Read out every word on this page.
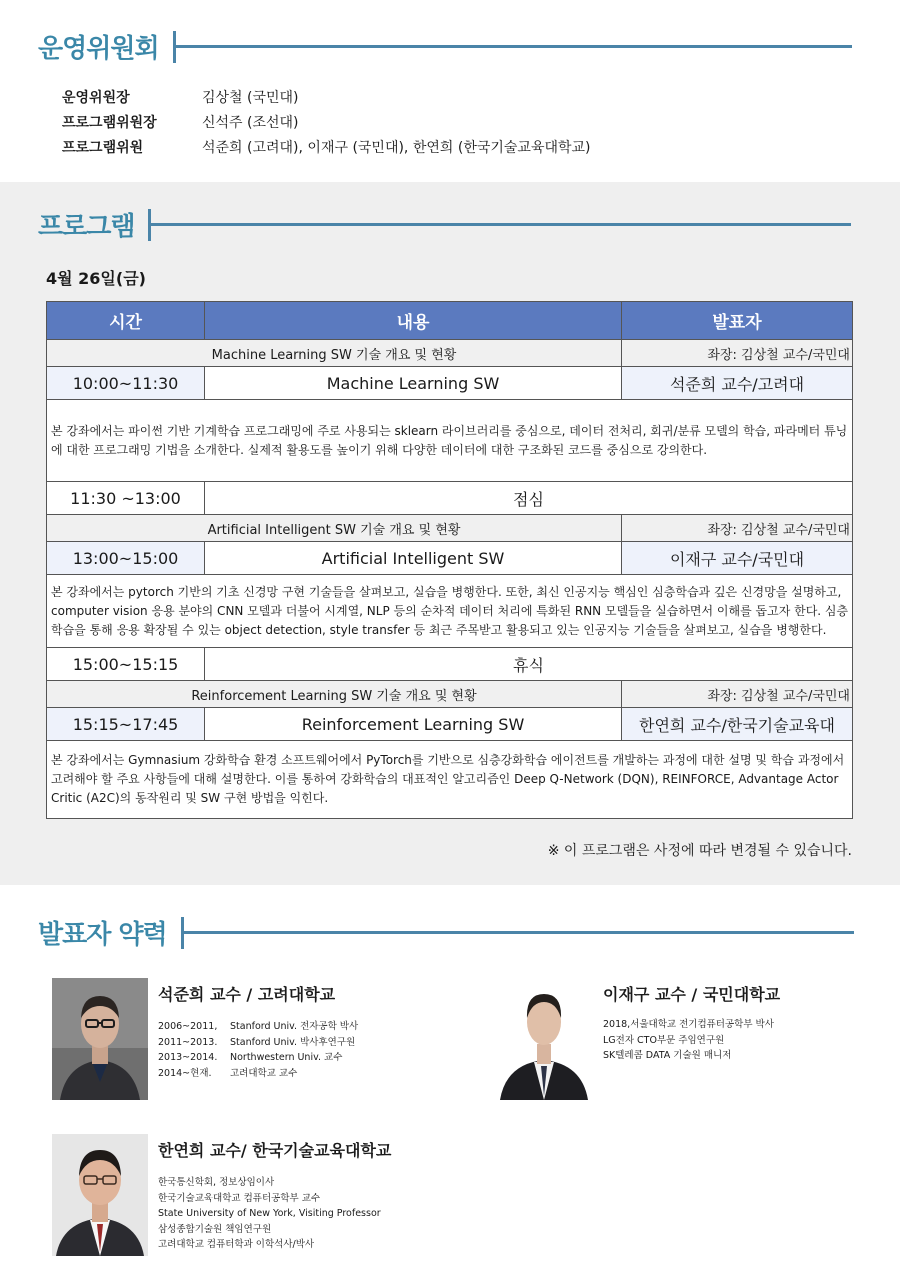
운영위원회
운영위원장	김상철 (국민대)
프로그램위원장	신석주 (조선대)
프로그램위원	석준희 (고려대), 이재구 (국민대), 한연희 (한국기술교육대학교)
프로그램
4월 26일(금)
시간	내용	발표자
Machine Learning SW 기술 개요 및 현황		좌장: 김상철 교수/국민대
10:00~11:30	Machine Learning SW	석준희 교수/고려대
본 강좌에서는 파이썬 기반 기계학습 프로그래밍에 주로 사용되는 sklearn 라이브러리를 중심으로, 데이터 전처리, 회귀/분류 모델의 학습, 파라메터 튜닝에 대한 프로그래밍 기법을 소개한다. 실제적 활용도를 높이기 위해 다양한 데이터에 대한 구조화된 코드를 중심으로 강의한다.		
11:30 ~13:00	점심	
Artificial Intelligent SW 기술 개요 및 현황		좌장: 김상철 교수/국민대
13:00~15:00	Artificial Intelligent SW	이재구 교수/국민대
본 강좌에서는 pytorch 기반의 기초 신경망 구현 기술들을 살펴보고, 실습을 병행한다. 또한, 최신 인공지능 핵심인 심층학습과 깊은 신경망을 설명하고, computer vision 응용 분야의 CNN 모델과 더불어 시계열, NLP 등의 순차적 데이터 처리에 특화된 RNN 모델들을 실습하면서 이해를 돕고자 한다. 심층학습을 통해 응용 확장될 수 있는 object detection, style transfer 등 최근 주목받고 활용되고 있는 인공지능 기술들을 살펴보고, 실습을 병행한다.		
15:00~15:15	휴식	
Reinforcement Learning SW 기술 개요 및 현황		좌장: 김상철 교수/국민대
15:15~17:45	Reinforcement Learning SW	한연희 교수/한국기술교육대
본 강좌에서는 Gymnasium 강화학습 환경 소프트웨어에서 PyTorch를 기반으로 심층강화학습 에이전트를 개발하는 과정에 대한 설명 및 학습 과정에서 고려해야 할 주요 사항들에 대해 설명한다. 이를 통하여 강화학습의 대표적인 알고리즘인 Deep Q-Network (DQN), REINFORCE, Advantage Actor Critic (A2C)의 동작원리 및 SW 구현 방법을 익힌다.		
※ 이 프로그램은 사정에 따라 변경될 수 있습니다.
발표자 약력
석준희 교수 / 고려대학교
2006~2011,	Stanford Univ. 전자공학 박사
2011~2013.	Stanford Univ. 박사후연구원
2013~2014.	Northwestern Univ. 교수
2014~현재.	고려대학교 교수
이재구 교수 / 국민대학교
2018,서울대학교 전기컴퓨터공학부 박사
LG전자 CTO부문 주임연구원
SK텔레콤 DATA 기술원 매니저
한연희 교수/ 한국기술교육대학교
한국통신학회, 정보상임이사
한국기술교육대학교 컴퓨터공학부 교수
State University of New York, Visiting Professor
삼성종합기술원 책임연구원
고려대학교 컴퓨터학과 이학석사/박사
